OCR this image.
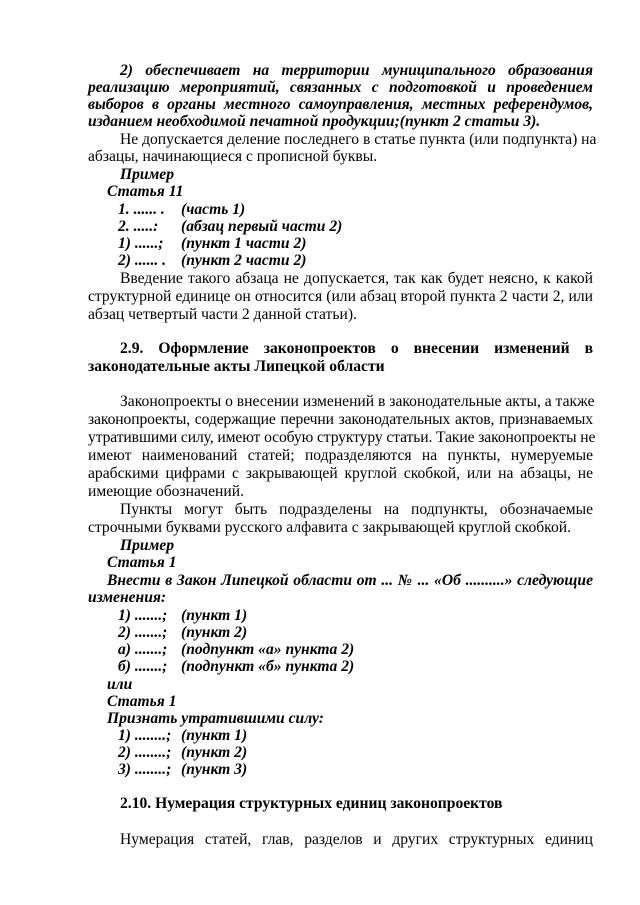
2) обеспечивает на территории муниципального образования
реализацию мероприятий, связанных с подготовкой и проведением
выборов в органы местного самоуправления, местных референдумов,
изданием необходимой печатной продукции;(пункт 2 статьи 3).
Не допускается деление последнего в статье пункта (или подпункта) на
абзацы, начинающиеся с прописной буквы.
Пример
Статья 11
1. ...... . (часть 1)
2. .....: (абзац первый части 2)
1) ......; (пункт 1 части 2)
2) ...... . (пункт 2 части 2)
Введение такого абзаца не допускается, так как будет неясно, к какой
структурной единице он относится (или абзац второй пункта 2 части 2, или
абзац четвертый части 2 данной статьи).
2.9. Оформление законопроектов о внесении изменений в
законодательные акты Липецкой области
Законопроекты о внесении изменений в законодательные акты, а также
законопроекты, содержащие перечни законодательных актов, признаваемых
утратившими силу, имеют особую структуру статьи. Такие законопроекты не
имеют наименований статей; подразделяются на пункты, нумеруемые
арабскими цифрами с закрывающей круглой скобкой, или на абзацы, не
имеющие обозначений.
Пункты могут быть подразделены на подпункты, обозначаемые
строчными буквами русского алфавита с закрывающей круглой скобкой.
Пример
Статья 1
Внести в Закон Липецкой области от ... № ... «Об ..........» следующие
изменения:
1) .......; (пункт 1)
2) .......; (пункт 2)
а) .......; (подпункт «а» пункта 2)
б) .......; (подпункт «б» пункта 2)
или
Статья 1
Признать утратившими силу:
1) ........; (пункт 1)
2) ........; (пункт 2)
3) ........; (пункт 3)
2.10. Нумерация структурных единиц законопроектов
Нумерация статей, глав, разделов и других структурных единиц
